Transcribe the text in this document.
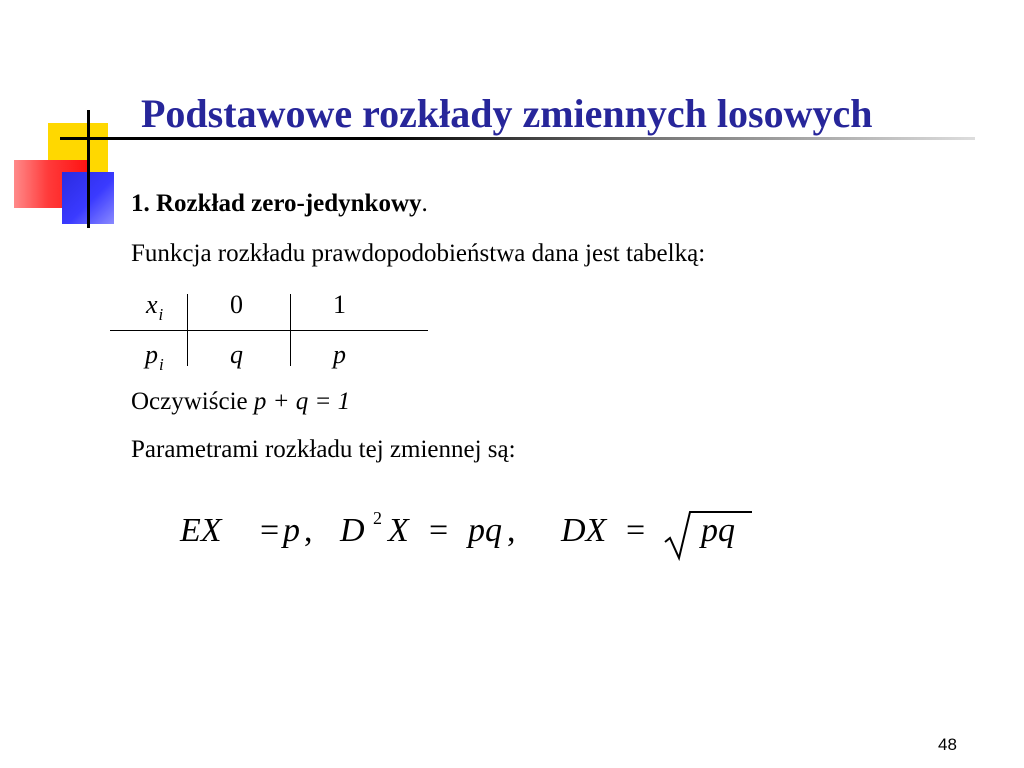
Podstawowe rozkłady zmiennych losowych
1. Rozkład zero-jedynkowy.
Funkcja rozkładu prawdopodobieństwa dana jest tabelką:
$x_i$	0	1
$p_i$	q	p
Oczywiście p + q = 1
Parametrami rozkładu tej zmiennej są:
EX = p , D 2 X = pq , DX = pq
48
